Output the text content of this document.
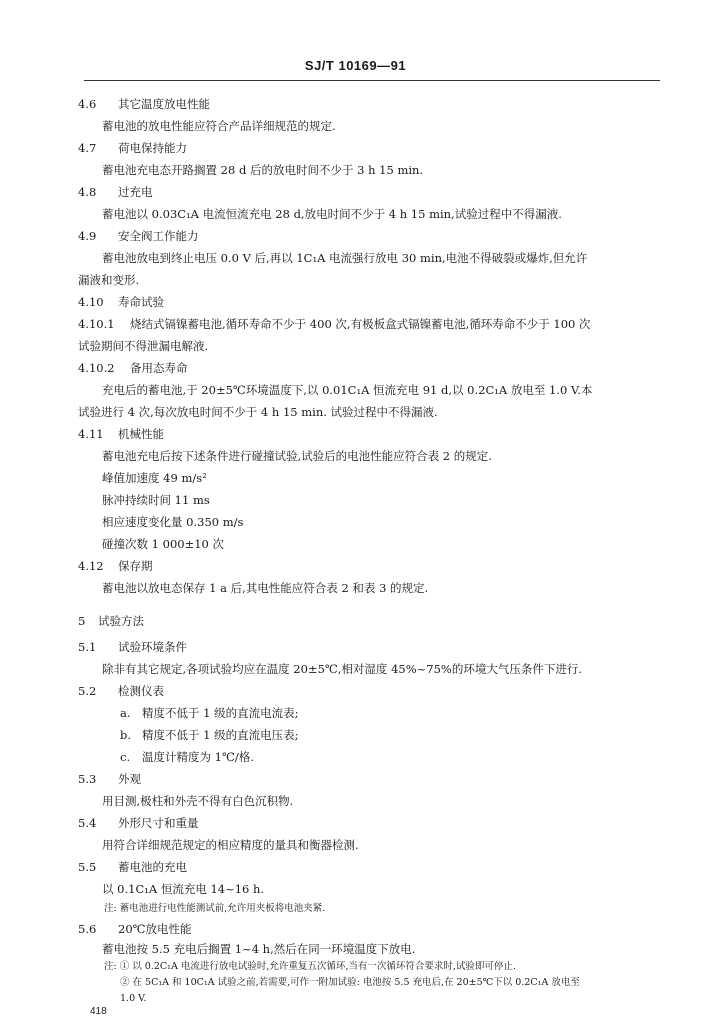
SJ/T 10169—91
4.6 其它温度放电性能
蓄电池的放电性能应符合产品详细规范的规定.
4.7 荷电保持能力
蓄电池充电态开路搁置 28 d 后的放电时间不少于 3 h 15 min.
4.8 过充电
蓄电池以 0.03C₁A 电流恒流充电 28 d,放电时间不少于 4 h 15 min,试验过程中不得漏液.
4.9 安全阀工作能力
蓄电池放电到终止电压 0.0 V 后,再以 1C₁A 电流强行放电 30 min,电池不得破裂或爆炸,但允许
漏液和变形.
4.10 寿命试验
4.10.1 烧结式镉镍蓄电池,循环寿命不少于 400 次,有极板盒式镉镍蓄电池,循环寿命不少于 100 次
试验期间不得泄漏电解液.
4.10.2 备用态寿命
充电后的蓄电池,于 20±5℃环境温度下,以 0.01C₁A 恒流充电 91 d,以 0.2C₁A 放电至 1.0 V.本
试验进行 4 次,每次放电时间不少于 4 h 15 min. 试验过程中不得漏液.
4.11 机械性能
蓄电池充电后按下述条件进行碰撞试验,试验后的电池性能应符合表 2 的规定.
峰值加速度 49 m/s²
脉冲持续时间 11 ms
相应速度变化量 0.350 m/s
碰撞次数 1 000±10 次
4.12 保存期
蓄电池以放电态保存 1 a 后,其电性能应符合表 2 和表 3 的规定.
5 试验方法
5.1 试验环境条件
除非有其它规定,各项试验均应在温度 20±5℃,相对湿度 45%~75%的环境大气压条件下进行.
5.2 检测仪表
a. 精度不低于 1 级的直流电流表;
b. 精度不低于 1 级的直流电压表;
c. 温度计精度为 1℃/格.
5.3 外观
用目测,极柱和外壳不得有白色沉积物.
5.4 外形尺寸和重量
用符合详细规范规定的相应精度的量具和衡器检测.
5.5 蓄电池的充电
以 0.1C₁A 恒流充电 14~16 h.
注: 蓄电池进行电性能测试前,允许用夹板将电池夹紧.
5.6 20℃放电性能
蓄电池按 5.5 充电后搁置 1~4 h,然后在同一环境温度下放电.
注: ① 以 0.2C₁A 电流进行放电试验时,允许重复五次循环,当有一次循环符合要求时,试验即可停止.
② 在 5C₁A 和 10C₁A 试验之前,若需要,可作一附加试验: 电池按 5.5 充电后,在 20±5℃下以 0.2C₁A 放电至
1.0 V.
418
